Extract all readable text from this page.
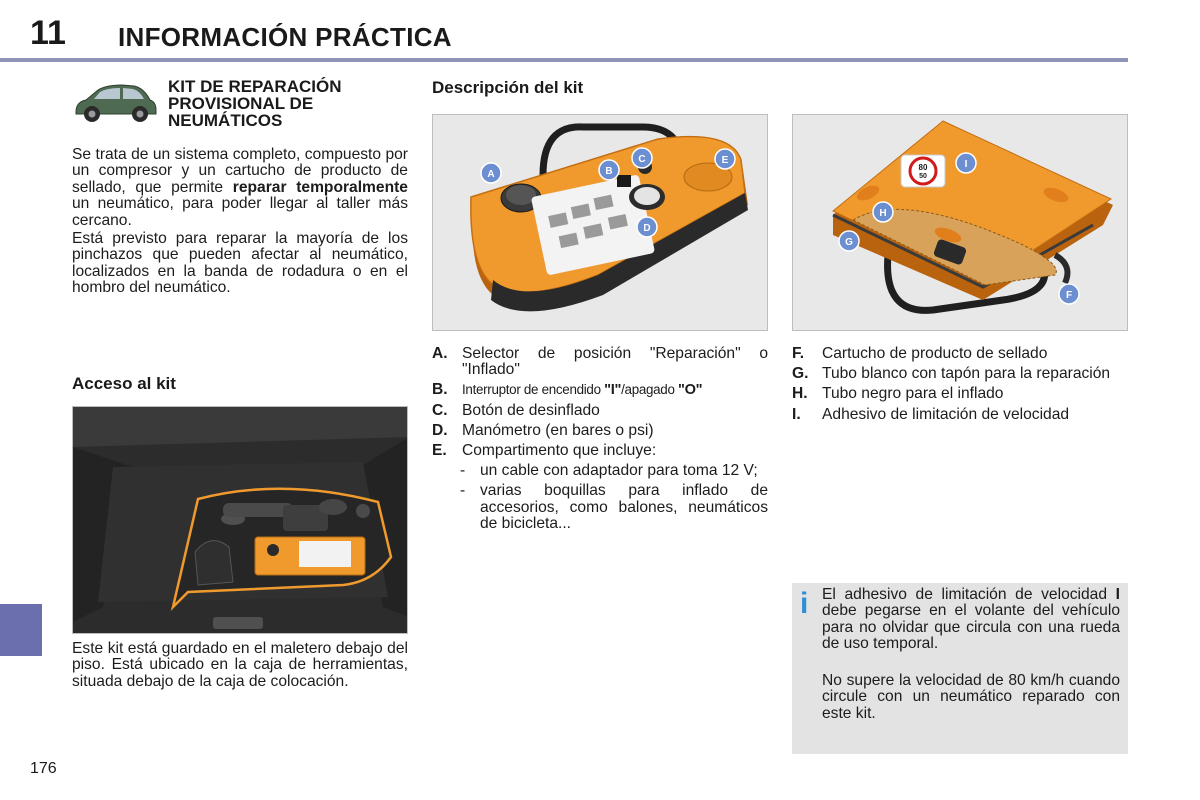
11 INFORMACIÓN PRÁCTICA
KIT DE REPARACIÓN
PROVISIONAL DE
NEUMÁTICOS
Se trata de un sistema completo, compuesto por un compresor y un cartucho de producto de sellado, que permite reparar temporalmente un neumático, para poder llegar al taller más cercano.
Está previsto para reparar la mayoría de los pinchazos que pueden afectar al neumático, localizados en la banda de rodadura o en el hombro del neumático.
Acceso al kit
Este kit está guardado en el maletero debajo del piso. Está ubicado en la caja de herramientas, situada debajo de la caja de colocación.
Descripción del kit
A	B
C
D
E
80
50
F
G
H
I
A. Selector de posición "Reparación" o "Inflado"
B. Interruptor de encendido "I"/apagado "O"
C. Botón de desinflado
D. Manómetro (en bares o psi)
E. Compartimento que incluye:
- un cable con adaptador para toma 12 V;
- varias boquillas para inflado de accesorios, como balones, neumáticos de bicicleta...
F. Cartucho de producto de sellado
G. Tubo blanco con tapón para la reparación
H. Tubo negro para el inflado
I. Adhesivo de limitación de velocidad
i El adhesivo de limitación de velocidad I debe pegarse en el volante del vehículo para no olvidar que circula con una rueda de uso temporal.
No supere la velocidad de 80 km/h cuando circule con un neumático reparado con este kit.
176
